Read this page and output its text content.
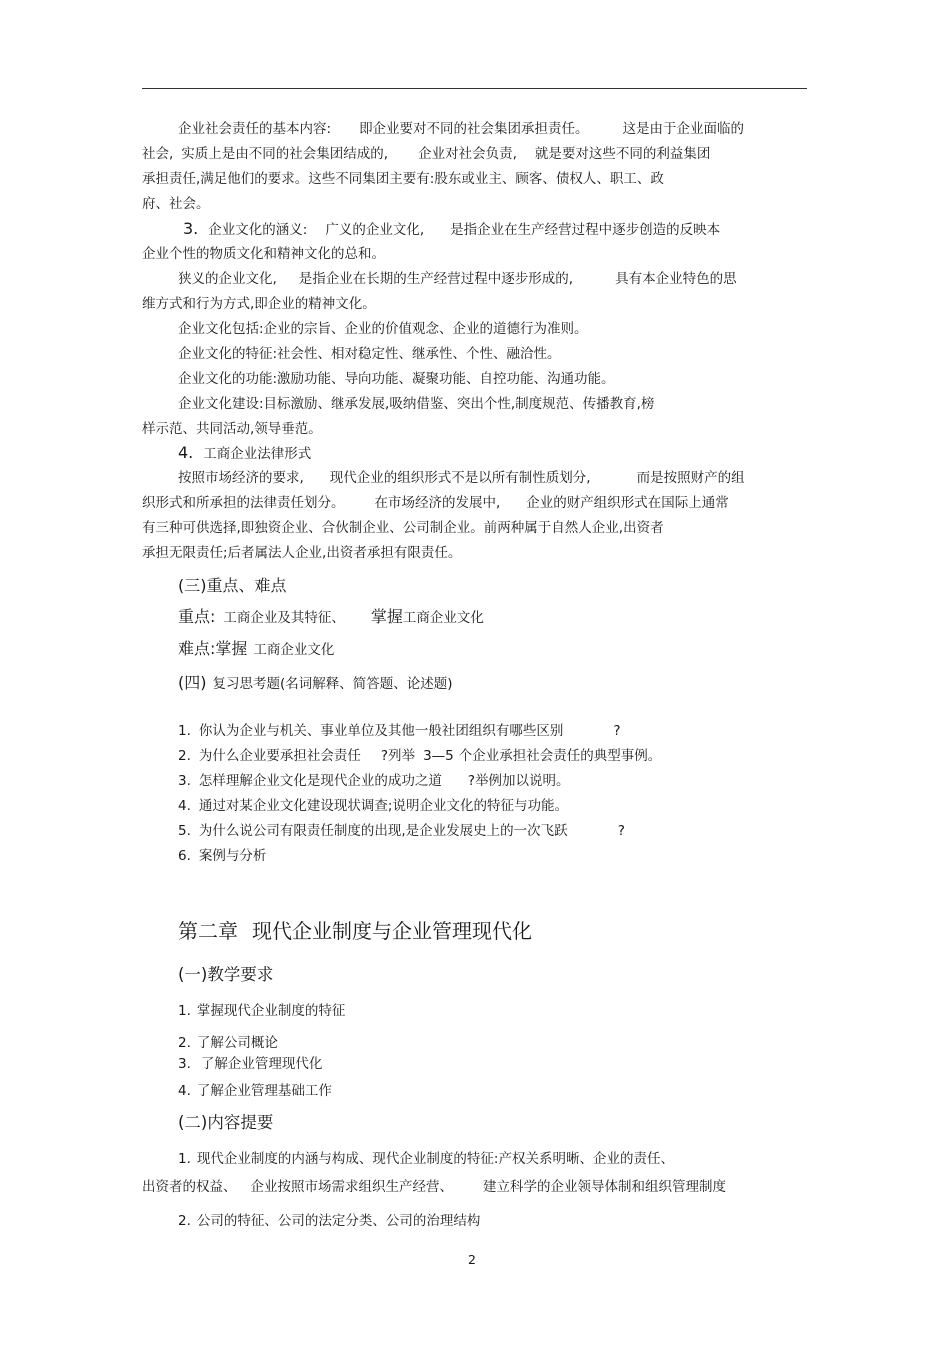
企业社会责任的基本内容: 即企业要对不同的社会集团承担责任。	这是由于企业面临的
社会, 实质上是由不同的社会集团结成的, 企业对社会负责, 就是要对这些不同的利益集团
承担责任,满足他们的要求。这些不同集团主要有:股东或业主、顾客、债权人、职工、政
府、社会。
3. 企业文化的涵义: 广义的企业文化, 是指企业在生产经营过程中逐步创造的反映本
企业个性的物质文化和精神文化的总和。
狭义的企业文化, 是指企业在长期的生产经营过程中逐步形成的,	具有本企业特色的思
维方式和行为方式,即企业的精神文化。
企业文化包括:企业的宗旨、企业的价值观念、企业的道德行为准则。
企业文化的特征:社会性、相对稳定性、继承性、个性、融洽性。
企业文化的功能:激励功能、导向功能、凝聚功能、自控功能、沟通功能。
企业文化建设:目标激励、继承发展,吸纳借鉴、突出个性,制度规范、传播教育,榜
样示范、共同活动,领导垂范。
4. 工商企业法律形式
按照市场经济的要求, 现代企业的组织形式不是以所有制性质划分,	而是按照财产的组
织形式和所承担的法律责任划分。 在市场经济的发展中, 企业的财产组织形式在国际上通常
有三种可供选择,即独资企业、合伙制企业、公司制企业。前两种属于自然人企业,出资者
承担无限责任;后者属法人企业,出资者承担有限责任。
(三)重点、难点
重点: 工商企业及其特征、 掌握工商企业文化
难点:掌握 工商企业文化
(四) 复习思考题(名词解释、简答题、论述题)
1. 你认为企业与机关、事业单位及其他一般社团组织有哪些区别	?
2. 为什么企业要承担社会责任 ?列举 3—5 个企业承担社会责任的典型事例。
3. 怎样理解企业文化是现代企业的成功之道 ?举例加以说明。
4. 通过对某企业文化建设现状调查;说明企业文化的特征与功能。
5. 为什么说公司有限责任制度的出现,是企业发展史上的一次飞跃	?
6. 案例与分析
第二章 现代企业制度与企业管理现代化
(一)教学要求
1. 掌握现代企业制度的特征
2. 了解公司概论
3. 了解企业管理现代化
4. 了解企业管理基础工作
(二)内容提要
1. 现代企业制度的内涵与构成、现代企业制度的特征:产权关系明晰、企业的责任、
出资者的权益、 企业按照市场需求组织生产经营、 建立科学的企业领导体制和组织管理制度
2. 公司的特征、公司的法定分类、公司的治理结构
2
